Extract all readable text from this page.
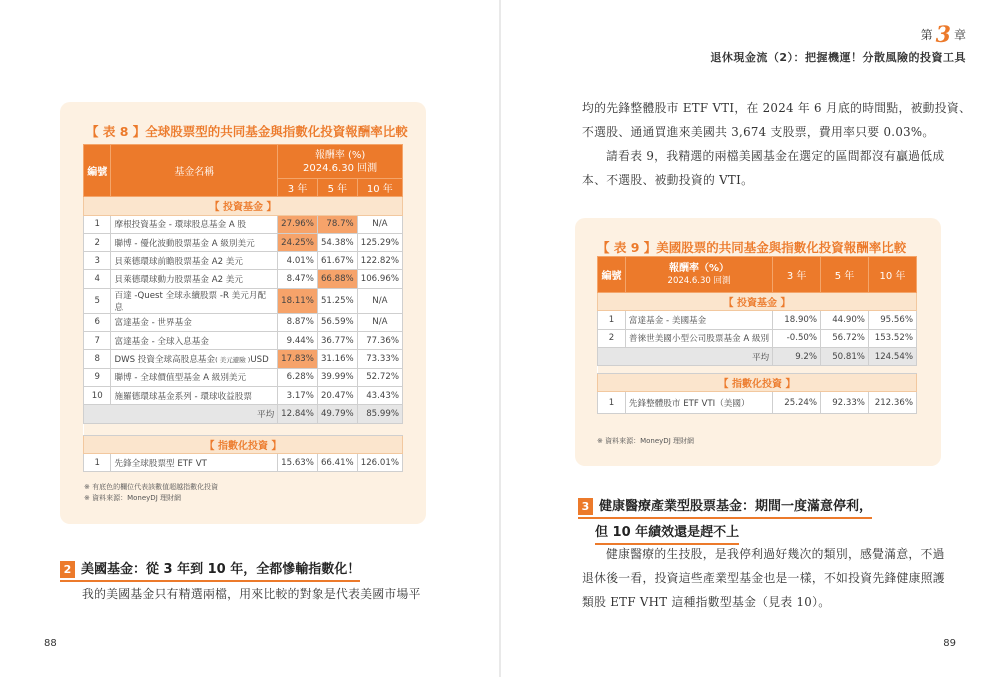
【 表 8 】全球股票型的共同基金與指數化投資報酬率比較
編號	基金名稱	報酬率 (%)
2024.6.30 回測		

		3 年	5 年	10 年
【 投資基金 】				
1	摩根投資基金 - 環球股息基金 A 股	27.96%	78.7%	N/A
2	聯博 - 優化波動股票基金 A 級別美元	24.25%	54.38%	125.29%
3	貝萊德環球前瞻股票基金 A2 美元	4.01%	61.67%	122.82%
4	貝萊德環球動力股票基金 A2 美元	8.47%	66.88%	106.96%
5	百達 -Quest 全球永續股票 -R 美元月配息	18.11%	51.25%	N/A
6	富達基金 - 世界基金	8.87%	56.59%	N/A
7	富達基金 - 全球入息基金	9.44%	36.77%	77.36%
8	DWS 投資全球高股息基金( 美元避險 )USD	17.83%	31.16%	73.33%
9	聯博 - 全球價值型基金 A 級別美元	6.28%	39.99%	52.72%
10	施羅德環球基金系列 - 環球收益股票	3.17%	20.47%	43.43%
平均		12.84%	49.79%	85.99%

【 指數化投資 】				
1	先鋒全球股票型 ETF VT	15.63%	66.41%	126.01%
※ 有底色的欄位代表該數值超越指數化投資
※ 資料來源：MoneyDJ 理財網
2 美國基金：從 3 年到 10 年，全都慘輸指數化！
我的美國基金只有精選兩檔，用來比較的對象是代表美國市場平
88
第 3 章
退休現金流（2）：把握機運！分散風險的投資工具
均的先鋒整體股市 ETF VTI，在 2024 年 6 月底的時間點，被動投資、
不選股、通通買進來美國共 3,674 支股票，費用率只要 0.03%。
請看表 9，我精選的兩檔美國基金在選定的區間都沒有贏過低成
本、不選股、被動投資的 VTI。
【 表 9 】美國股票的共同基金與指數化投資報酬率比較
編號	報酬率（%）
2024.6.30 回測	3 年	5 年	10 年
【 投資基金 】				
1	富達基金 - 美國基金	18.90%	44.90%	95.56%
2	普徠世美國小型公司股票基金 A 級別	-0.50%	56.72%	153.52%
平均		9.2%	50.81%	124.54%

【 指數化投資 】				
1	先鋒整體股市 ETF VTI（美國）	25.24%	92.33%	212.36%
※ 資料來源：MoneyDJ 理財網
3 健康醫療產業型股票基金：期間一度滿意停利，
但 10 年績效還是趕不上
健康醫療的生技股，是我停利過好幾次的類別，感覺滿意，不過
退休後一看，投資這些產業型基金也是一樣，不如投資先鋒健康照護
類股 ETF VHT 這種指數型基金（見表 10）。
89
